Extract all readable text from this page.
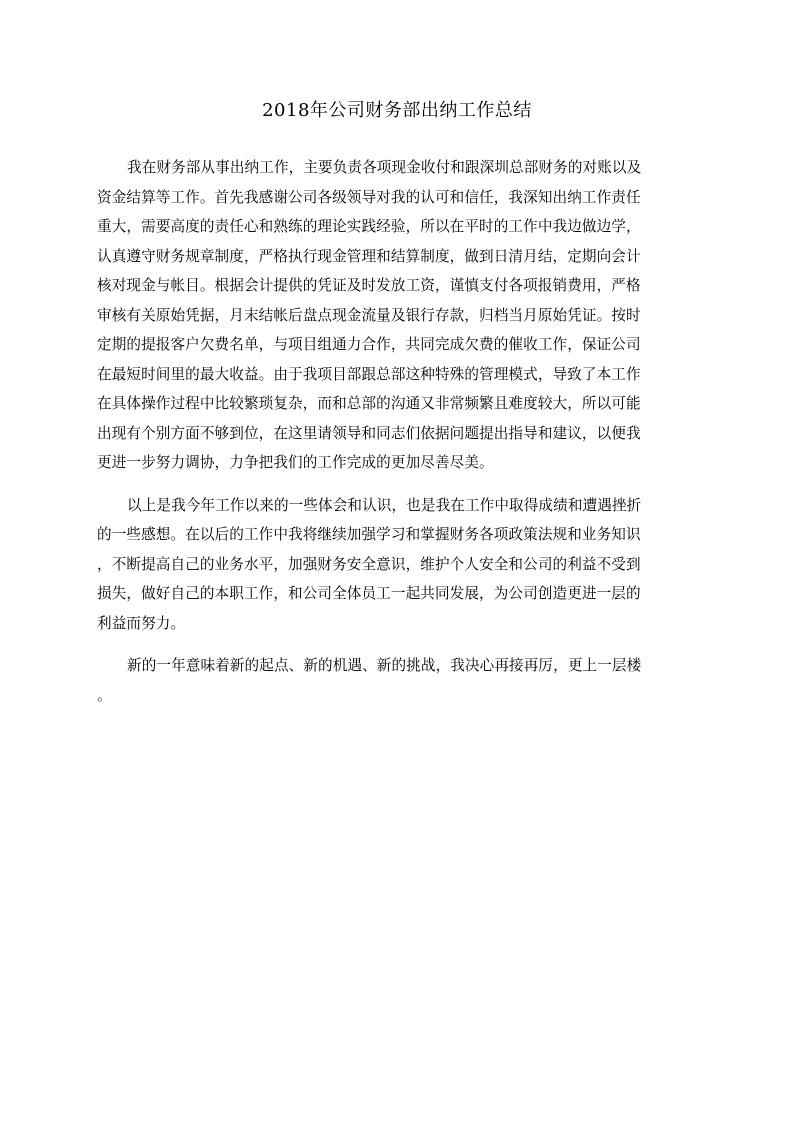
2018年公司财务部出纳工作总结

我在财务部从事出纳工作，主要负责各项现金收付和跟深圳总部财务的对账以及
资金结算等工作。首先我感谢公司各级领导对我的认可和信任，我深知出纳工作责任
重大，需要高度的责任心和熟练的理论实践经验，所以在平时的工作中我边做边学，
认真遵守财务规章制度，严格执行现金管理和结算制度，做到日清月结，定期向会计
核对现金与帐目。根据会计提供的凭证及时发放工资，谨慎支付各项报销费用，严格
审核有关原始凭据，月末结帐后盘点现金流量及银行存款，归档当月原始凭证。按时
定期的提报客户欠费名单，与项目组通力合作，共同完成欠费的催收工作，保证公司
在最短时间里的最大收益。由于我项目部跟总部这种特殊的管理模式，导致了本工作
在具体操作过程中比较繁琐复杂，而和总部的沟通又非常频繁且难度较大，所以可能
出现有个别方面不够到位，在这里请领导和同志们依据问题提出指导和建议，以便我
更进一步努力调协，力争把我们的工作完成的更加尽善尽美。

以上是我今年工作以来的一些体会和认识，也是我在工作中取得成绩和遭遇挫折
的一些感想。在以后的工作中我将继续加强学习和掌握财务各项政策法规和业务知识
，不断提高自己的业务水平，加强财务安全意识，维护个人安全和公司的利益不受到
损失，做好自己的本职工作，和公司全体员工一起共同发展，为公司创造更进一层的
利益而努力。

新的一年意味着新的起点、新的机遇、新的挑战，我决心再接再厉，更上一层楼
。
